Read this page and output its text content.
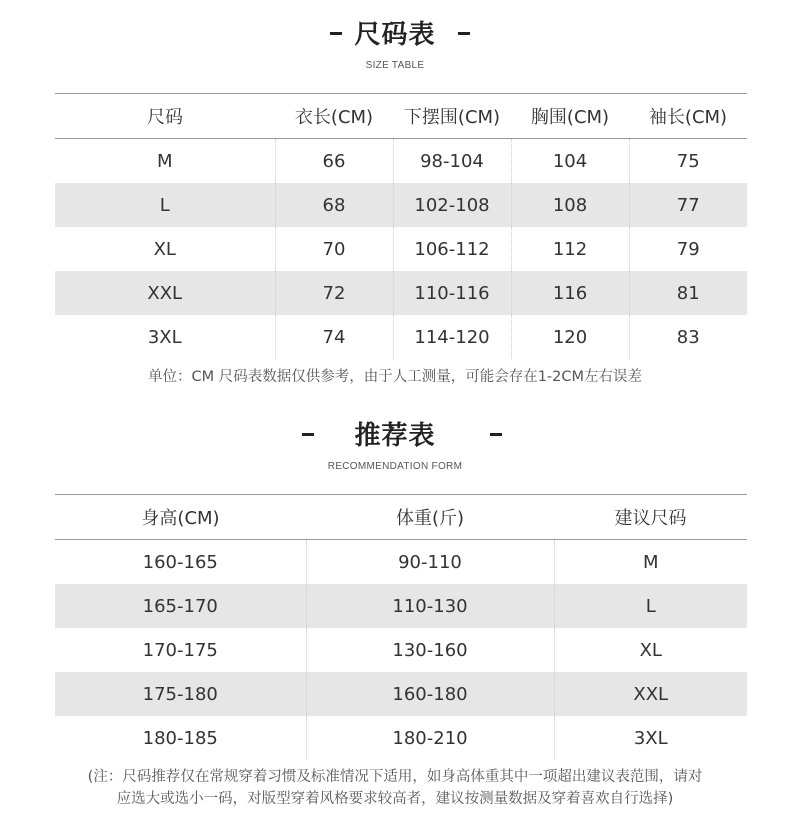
尺码表
SIZE TABLE
尺码	衣长(CM)	下摆围(CM)	胸围(CM)	袖长(CM)
M	66	98-104	104	75
L	68	102-108	108	77
XL	70	106-112	112	79
XXL	72	110-116	116	81
3XL	74	114-120	120	83
单位：CM 尺码表数据仅供参考，由于人工测量，可能会存在1-2CM左右误差
推荐表
RECOMMENDATION FORM
身高(CM)	体重(斤)	建议尺码
160-165	90-110	M
165-170	110-130	L
170-175	130-160	XL
175-180	160-180	XXL
180-185	180-210	3XL
(注：尺码推荐仅在常规穿着习惯及标准情况下适用，如身高体重其中一项超出建议表范围，请对
应选大或选小一码，对版型穿着风格要求较高者，建议按测量数据及穿着喜欢自行选择)
